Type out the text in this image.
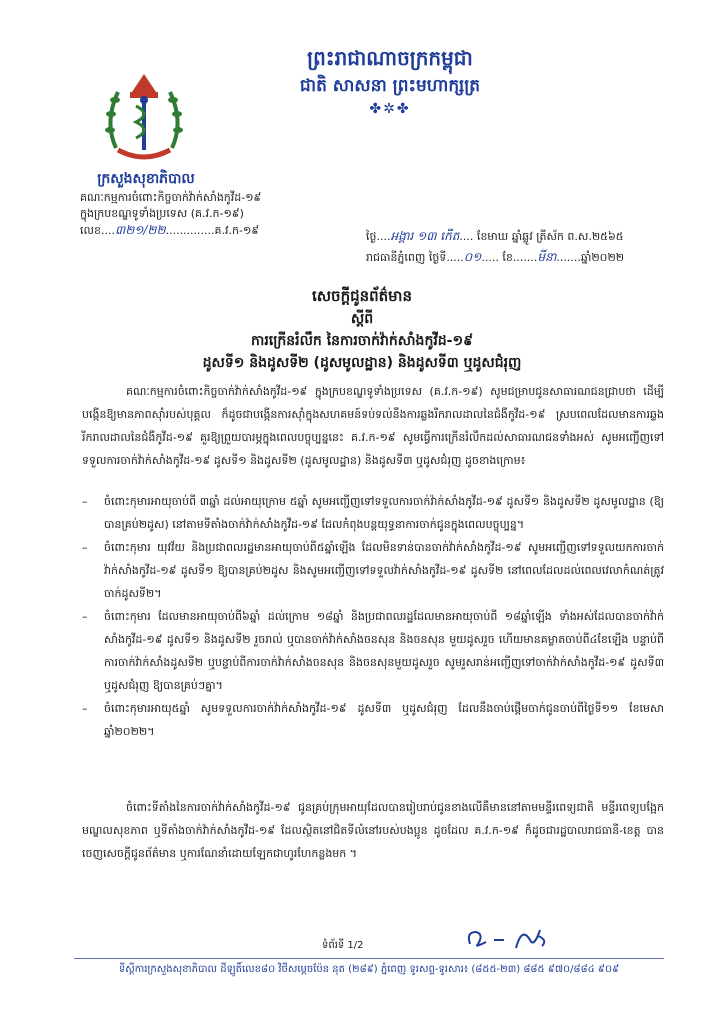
ព្រះរាជាណាចក្រកម្ពុជា
ជាតិ សាសនា ព្រះមហាក្សត្រ
✤✲✤
ក្រសួងសុខាភិបាល
គណៈកម្មការចំពោះកិច្ចចាក់វ៉ាក់សាំងកូវីដ-១៩
ក្នុងក្របខណ្ឌទូទាំងប្រទេស (គ.វ.ក-១៩)
លេខ....៣២១/២២..............គ.វ.ក-១៩	ថ្ងៃ....អង្គារ ១៣ កើត.... ខែមាឃ ឆ្នាំឆ្លូវ ត្រីស័ក ព.ស.២៥៦៥
រាជធានីភ្នំពេញ ថ្ងៃទី.....០១..... ខែ.......មីនា.......ឆ្នាំ២០២២
សេចក្តីជូនព័ត៌មាន
ស្តីពី
ការក្រើនរំលឹក នៃការចាក់វ៉ាក់សាំងកូវីដ-១៩
ដូសទី១ និងដូសទី២ (ដូសមូលដ្ឋាន) និងដូសទី៣ ឬដូសជំរុញ
គណៈកម្មការចំពោះកិច្ចចាក់វ៉ាក់សាំងកូវីដ-១៩ ក្នុងក្របខណ្ឌទូទាំងប្រទេស (គ.វ.ក-១៩) សូមជម្រាបជូនសាធារណជនជ្រាបថា ដើម្បីបង្កើនឱ្យមានភាពស៊ាំរបស់បុគ្គល ក៏ដូចជាបង្កើនការស៊ាំក្នុងសហគមន៍ទប់ទល់នឹងការឆ្លងរីករាលដាលនៃជំងឺកូវីដ-១៩ ស្របពេលដែលមានការឆ្លងរីករាលដាលនៃជំងឺកូវីដ-១៩ គួរឱ្យព្រួយបារម្ភក្នុងពេលបច្ចុប្បន្ននេះ គ.វ.ក-១៩ សូមធ្វើការក្រើនរំលឹកដល់សាធារណជនទាំងអស់ សូមអញ្ជើញទៅទទួលការចាក់វ៉ាក់សាំងកូវីដ-១៩ ដូសទី១ និងដូសទី២ (ដូសមូលដ្ឋាន) និងដូសទី៣ ឬដូសជំរុញ ដូចខាងក្រោម៖
– ចំពោះកុមារអាយុចាប់ពី ៣ឆ្នាំ ដល់អាយុក្រោម ៥ឆ្នាំ សូមអញ្ជើញទៅទទួលការចាក់វ៉ាក់សាំងកូវីដ-១៩ ដូសទី១ និងដូសទី២ ដូសមូលដ្ឋាន (ឱ្យបានគ្រប់២ដូស) នៅតាមទីតាំងចាក់វ៉ាក់សាំងកូវីដ-១៩ ដែលកំពុងបន្តយុទ្ធនាការចាក់ជូនក្នុងពេលបច្ចុប្បន្ន។
– ចំពោះកុមារ យុវវ័យ និងប្រជាពលរដ្ឋមានអាយុចាប់ពី៥ឆ្នាំឡើង ដែលមិនទាន់បានចាក់វ៉ាក់សាំងកូវីដ-១៩ សូមអញ្ជើញទៅទទួលយកការចាក់វ៉ាក់សាំងកូវីដ-១៩ ដូសទី១ ឱ្យបានគ្រប់២ដូស និងសូមអញ្ជើញទៅទទួលវ៉ាក់សាំងកូវីដ-១៩ ដូសទី២ នៅពេលដែលដល់ពេលវេលាកំណត់ត្រូវចាក់ដូសទី២។
– ចំពោះកុមារ ដែលមានអាយុចាប់ពី៦ឆ្នាំ ដល់ក្រោម ១៨ឆ្នាំ និងប្រជាពលរដ្ឋដែលមានអាយុចាប់ពី ១៨ឆ្នាំឡើង ទាំងអស់ដែលបានចាក់វ៉ាក់សាំងកូវីដ-១៩ ដូសទី១ និងដូសទី២ រួចរាល់ ឬបានចាក់វ៉ាក់សាំងចនសុន និងចនសុន មួយដូសរួច ហើយមានគម្លាតចាប់ពី៤ខែឡើង បន្ទាប់ពីការចាក់វ៉ាក់សាំងដូសទី២ ឬបន្ទាប់ពីការចាក់វ៉ាក់សាំងចនសុន និងចនសុនមួយដូសរួច សូមរួសរាន់អញ្ជើញទៅចាក់វ៉ាក់សាំងកូវីដ-១៩ ដូសទី៣ ឬដូសជំរុញ ឱ្យបានគ្រប់ៗគ្នា។
– ចំពោះកុមារអាយុ៥ឆ្នាំ សូមទទួលការចាក់វ៉ាក់សាំងកូវីដ-១៩ ដូសទី៣ ឬដូសជំរុញ ដែលនឹងចាប់ផ្តើមចាក់ជូនចាប់ពីថ្ងៃទី១១ ខែមេសា ឆ្នាំ២០២២។
ចំពោះទីតាំងនៃការចាក់វ៉ាក់សាំងកូវីដ-១៩ ជូនគ្រប់ក្រុមអាយុដែលបានរៀបរាប់ជូនខាងលើគឺមាននៅតាមមន្ទីរពេទ្យជាតិ មន្ទីរពេទ្យបង្អែក មណ្ឌលសុខភាព ឬទីតាំងចាក់វ៉ាក់សាំងកូវីដ-១៩ ដែលស្ថិតនៅជិតទីលំនៅរបស់បងប្អូន ដូចដែល គ.វ.ក-១៩ ក៏ដូចជារដ្ឋបាលរាជធានី-ខេត្ត បានចេញសេចក្តីជូនព័ត៌មាន ឬការណែនាំដោយឡែកជាហូរហែកន្លងមក ។
ទំព័រទី 1/2
ទីស្តីការក្រសួងសុខាភិបាល ដីឡូតិ៍លេខ៨០ វិថីសម្តេចប៉ែន នុត (២៨៩) ភ្នំពេញ ទូរសព្ទ-ទូរសារ៖ (៨៥៥-២៣) ៨៨៥ ៩៧០/៨៨៤ ៩០៩
